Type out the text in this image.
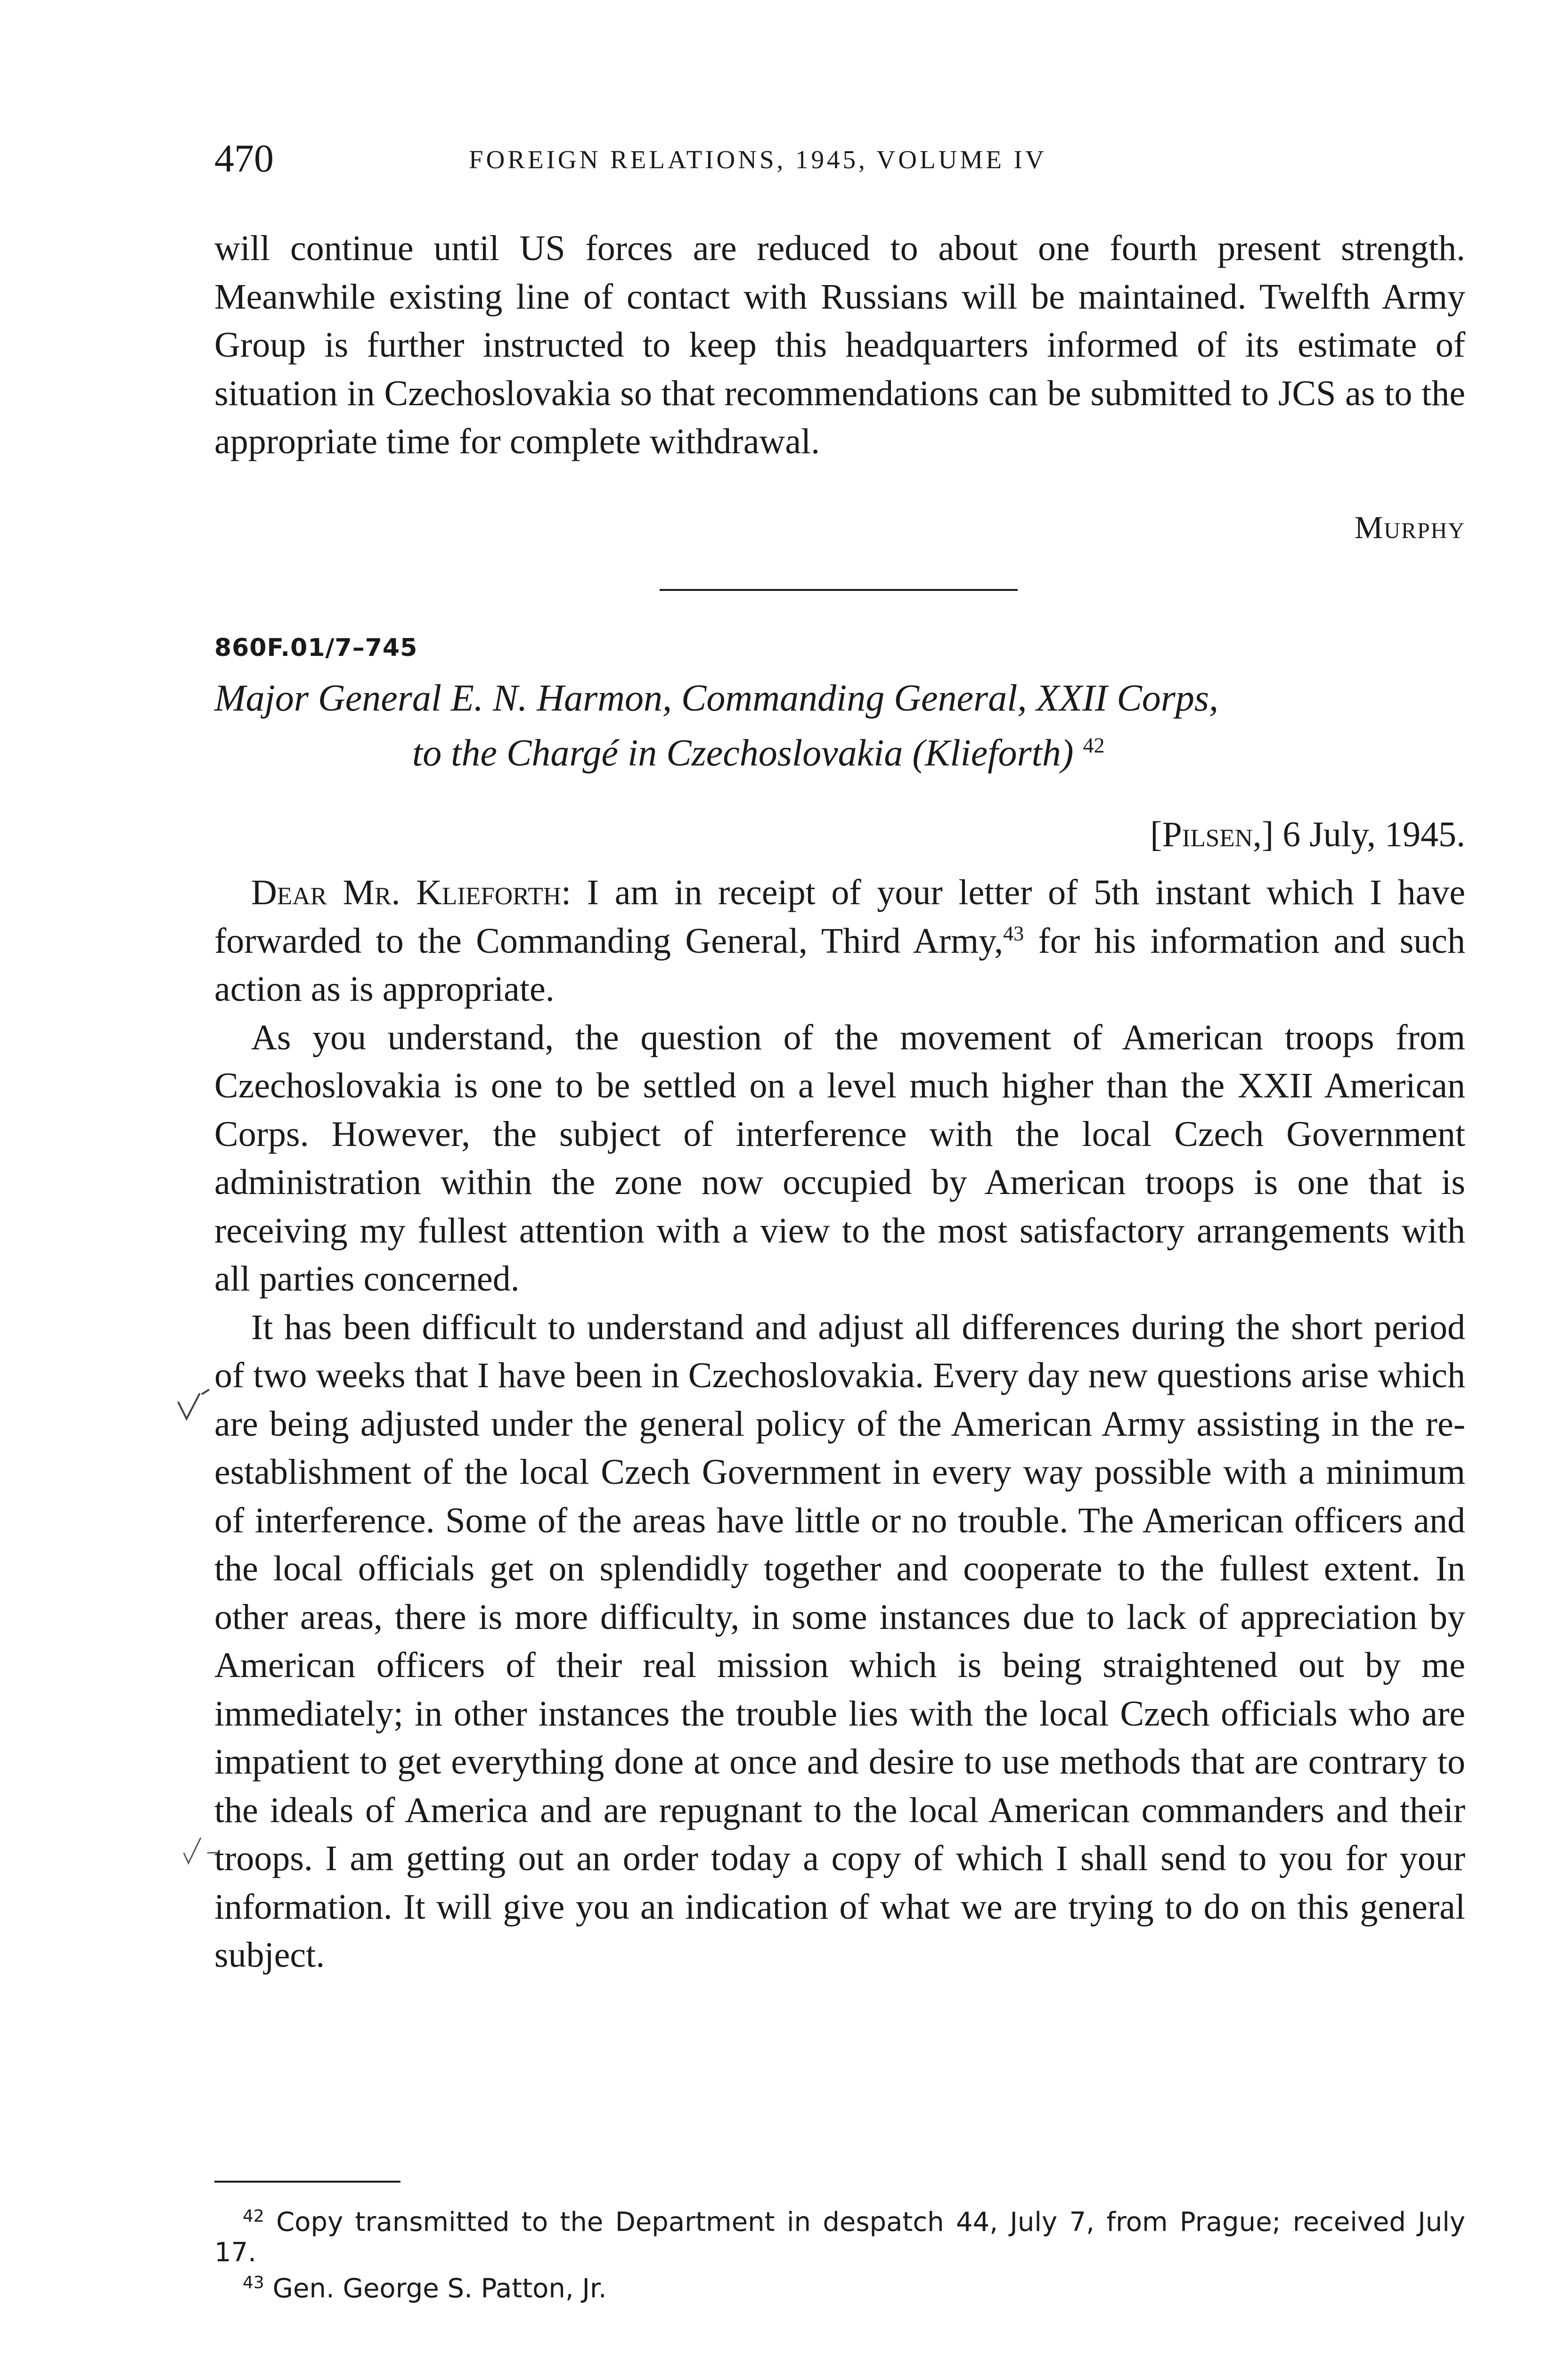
470	FOREIGN RELATIONS, 1945, VOLUME IV

will continue until US forces are reduced to about one fourth present strength. Meanwhile existing line of contact with Russians will be maintained. Twelfth Army Group is further instructed to keep this headquarters informed of its estimate of situation in Czechoslovakia so that recommendations can be submitted to JCS as to the appropriate time for complete withdrawal.

Murphy
860F.01/7–745
Major General E. N. Harmon, Commanding General, XXII Corps,
to the Chargé in Czechoslovakia (Klieforth) $^{42}$
[Pilsen,] 6 July, 1945.

Dear Mr. Klieforth: I am in receipt of your letter of 5th instant which I have forwarded to the Commanding General, Third Army,$^{43}$ for his information and such action as is appropriate.

As you understand, the question of the movement of American troops from Czechoslovakia is one to be settled on a level much higher than the XXII American Corps. However, the subject of interference with the local Czech Government administration within the zone now occupied by American troops is one that is receiving my fullest attention with a view to the most satisfactory arrangements with all parties concerned.

It has been difficult to understand and adjust all differences during the short period of two weeks that I have been in Czechoslovakia. Every day new questions arise which are being adjusted under the general policy of the American Army assisting in the re-establishment of the local Czech Government in every way possible with a minimum of interference. Some of the areas have little or no trouble. The American officers and the local officials get on splendidly together and cooperate to the fullest extent. In other areas, there is more difficulty, in some instances due to lack of appreciation by American officers of their real mission which is being straightened out by me immediately; in other instances the trouble lies with the local Czech officials who are impatient to get everything done at once and desire to use methods that are contrary to the ideals of America and are repugnant to the local American commanders and their troops. I am getting out an order today a copy of which I shall send to you for your information. It will give you an indication of what we are trying to do on this general subject.

$^{42}$ Copy transmitted to the Department in despatch 44, July 7, from Prague; received July 17.

$^{43}$ Gen. George S. Patton, Jr.
